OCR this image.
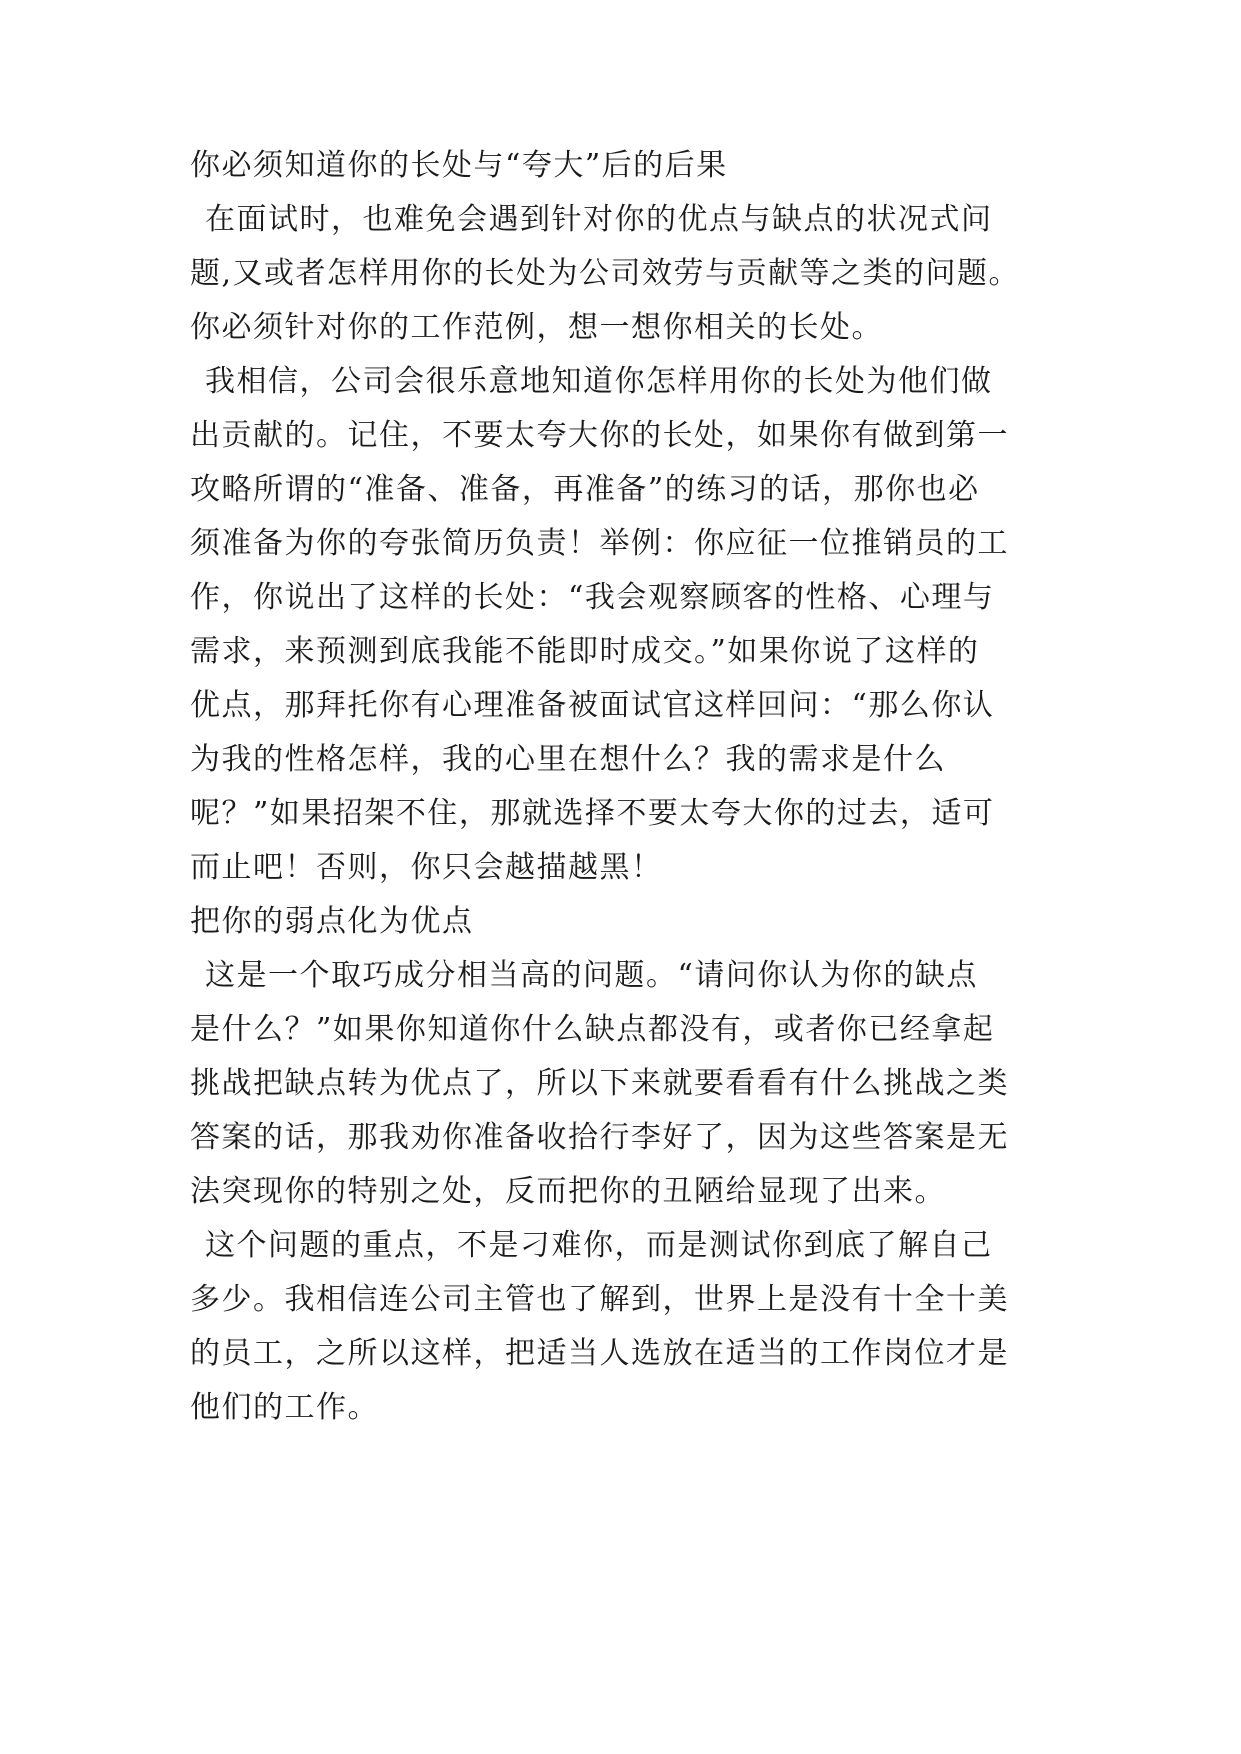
你必须知道你的长处与“夸大”后的后果
在面试时，也难免会遇到针对你的优点与缺点的状况式问
题,又或者怎样用你的长处为公司效劳与贡献等之类的问题。
你必须针对你的工作范例，想一想你相关的长处。
我相信，公司会很乐意地知道你怎样用你的长处为他们做
出贡献的。记住，不要太夸大你的长处，如果你有做到第一
攻略所谓的“准备、准备，再准备”的练习的话，那你也必
须准备为你的夸张简历负责！举例：你应征一位推销员的工
作，你说出了这样的长处：“我会观察顾客的性格、心理与
需求，来预测到底我能不能即时成交。”如果你说了这样的
优点，那拜托你有心理准备被面试官这样回问：“那么你认
为我的性格怎样，我的心里在想什么？我的需求是什么
呢？”如果招架不住，那就选择不要太夸大你的过去，适可
而止吧！否则，你只会越描越黑！
把你的弱点化为优点
这是一个取巧成分相当高的问题。“请问你认为你的缺点
是什么？”如果你知道你什么缺点都没有，或者你已经拿起
挑战把缺点转为优点了，所以下来就要看看有什么挑战之类
答案的话，那我劝你准备收拾行李好了，因为这些答案是无
法突现你的特别之处，反而把你的丑陋给显现了出来。
这个问题的重点，不是刁难你，而是测试你到底了解自己
多少。我相信连公司主管也了解到，世界上是没有十全十美
的员工，之所以这样，把适当人选放在适当的工作岗位才是
他们的工作。
